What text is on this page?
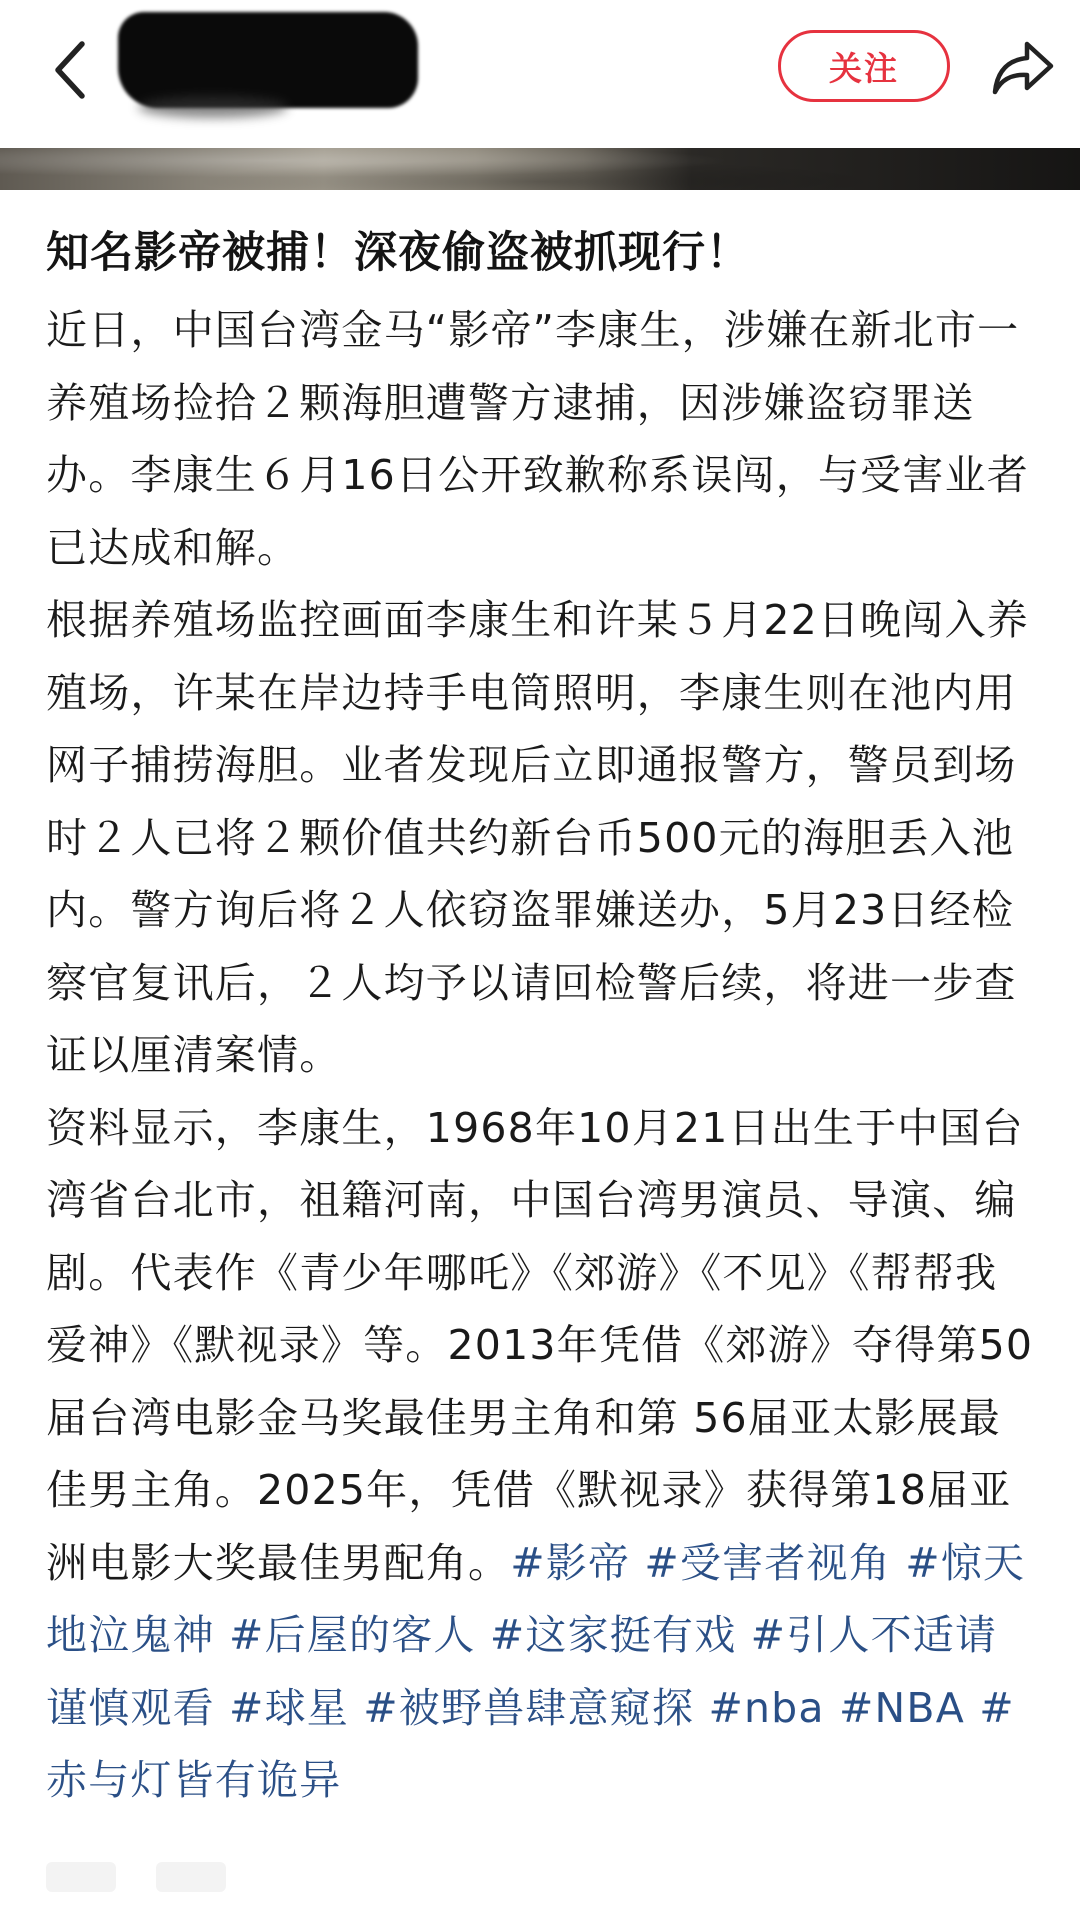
关注
知名影帝被捕！深夜偷盗被抓现行！

近日，中国台湾金马“影帝”李康生，涉嫌在新北市一养殖场捡拾２颗海胆遭警方逮捕，因涉嫌盗窃罪送办。李康生６月16日公开致歉称系误闯，与受害业者已达成和解。

根据养殖场监控画面李康生和许某５月22日晚闯入养殖场，许某在岸边持手电筒照明，李康生则在池内用网子捕捞海胆。业者发现后立即通报警方，警员到场时２人已将２颗价值共约新台币500元的海胆丢入池内。警方询后将２人依窃盗罪嫌送办，5月23日经检察官复讯后，２人均予以请回检警后续，将进一步查证以厘清案情。

资料显示，李康生，1968年10月21日出生于中国台湾省台北市，祖籍河南，中国台湾男演员、导演、编剧。代表作《青少年哪吒》《郊游》《不见》《帮帮我爱神》《默视录》等。2013年凭借《郊游》夺得第50届台湾电影金马奖最佳男主角和第 56届亚太影展最佳男主角。2025年，凭借《默视录》获得第18届亚洲电影大奖最佳男配角。#影帝 #受害者视角 #惊天地泣鬼神 #后屋的客人 #这家挺有戏 #引人不适请谨慎观看 #球星 #被野兽肆意窥探 #nba #NBA #赤与灯皆有诡异
